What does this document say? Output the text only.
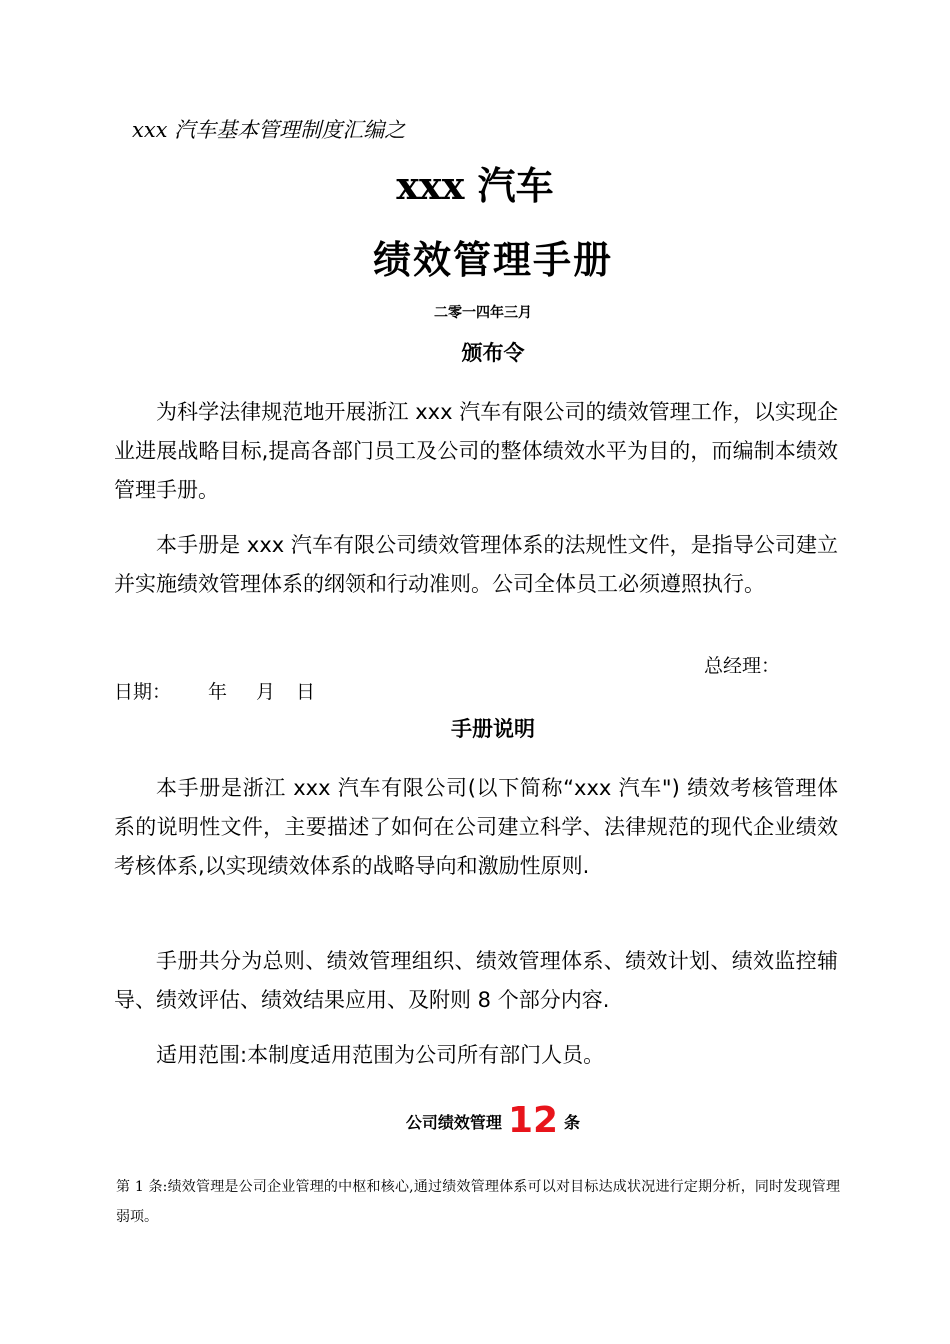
xxx 汽车基本管理制度汇编之
xxx 汽车
绩效管理手册
二零一四年三月
颁布令

为科学法律规范地开展浙江 xxx 汽车有限公司的绩效管理工作，以实现企业进展战略目标,提高各部门员工及公司的整体绩效水平为目的，而编制本绩效管理手册。

本手册是 xxx 汽车有限公司绩效管理体系的法规性文件，是指导公司建立并实施绩效管理体系的纲领和行动准则。公司全体员工必须遵照执行。

总经理：
日期： 年 月 日
手册说明

本手册是浙江 xxx 汽车有限公司(以下简称“xxx 汽车") 绩效考核管理体系的说明性文件，主要描述了如何在公司建立科学、法律规范的现代企业绩效考核体系,以实现绩效体系的战略导向和激励性原则.

手册共分为总则、绩效管理组织、绩效管理体系、绩效计划、绩效监控辅导、绩效评估、绩效结果应用、及附则 8 个部分内容.

适用范围:本制度适用范围为公司所有部门人员。

公司绩效管理 12 条

第 1 条:绩效管理是公司企业管理的中枢和核心,通过绩效管理体系可以对目标达成状况进行定期分析，同时发现管理弱项。
